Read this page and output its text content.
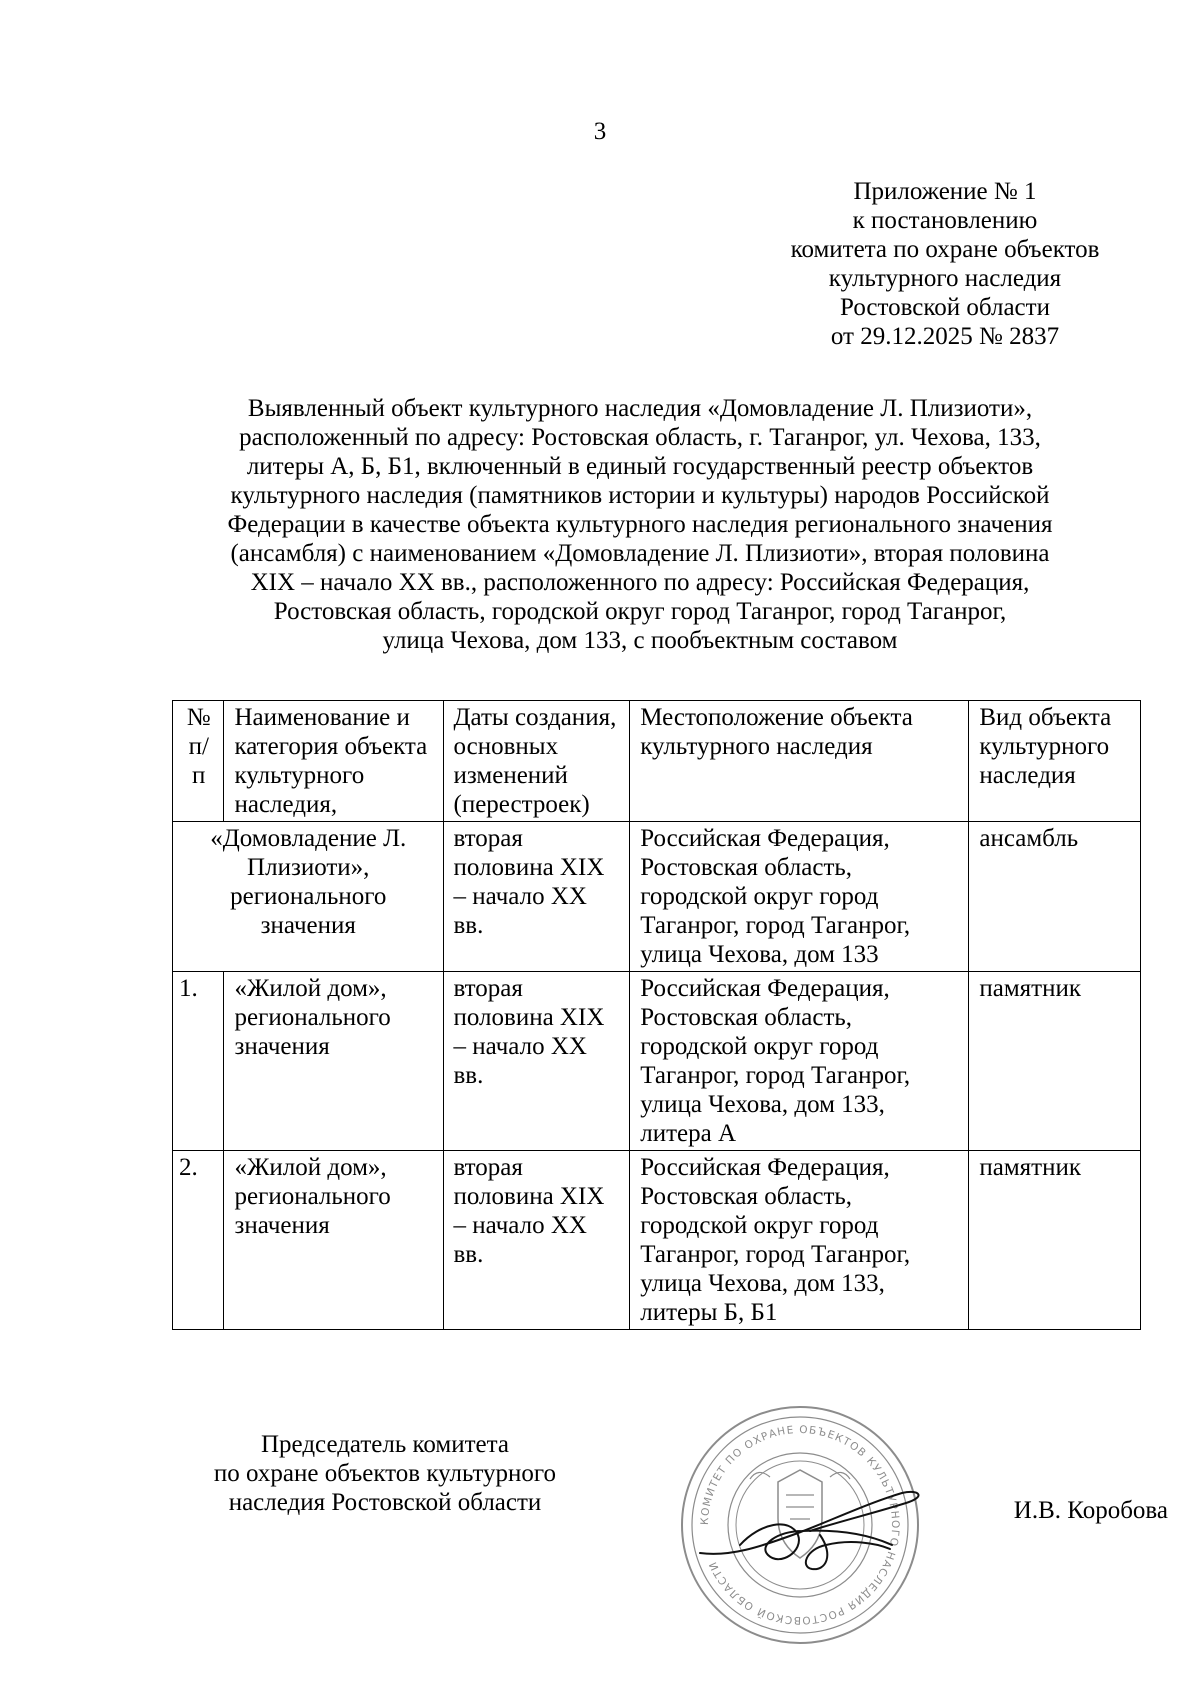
3
Приложение № 1
к постановлению
комитета по охране объектов
культурного наследия
Ростовской области
от 29.12.2025 № 2837
Выявленный объект культурного наследия «Домовладение Л. Плизиоти»,
расположенный по адресу: Ростовская область, г. Таганрог, ул. Чехова, 133,
литеры А, Б, Б1, включенный в единый государственный реестр объектов
культурного наследия (памятников истории и культуры) народов Российской
Федерации в качестве объекта культурного наследия регионального значения
(ансамбля) с наименованием «Домовладение Л. Плизиоти», вторая половина
XIX – начало XX вв., расположенного по адресу: Российская Федерация,
Ростовская область, городской округ город Таганрог, город Таганрог,
улица Чехова, дом 133, с пообъектным составом
№ п/п	Наименование и категория объекта культурного наследия,	Даты создания, основных изменений (перестроек)	Местоположение объекта культурного наследия	Вид объекта культурного наследия
«Домовладение Л. Плизиоти», регионального значения		вторая половина XIX – начало XX вв.	Российская Федерация, Ростовская область, городской округ город Таганрог, город Таганрог, улица Чехова, дом 133	ансамбль
1.	«Жилой дом», регионального значения	вторая половина XIX – начало XX вв.	Российская Федерация, Ростовская область, городской округ город Таганрог, город Таганрог, улица Чехова, дом 133, литера А	памятник
2.	«Жилой дом», регионального значения	вторая половина XIX – начало XX вв.	Российская Федерация, Ростовская область, городской округ город Таганрог, город Таганрог, улица Чехова, дом 133, литеры Б, Б1	памятник
Председатель комитета
по охране объектов культурного
наследия Ростовской области
КОМИТЕТ ПО ОХРАНЕ ОБЪЕКТОВ КУЛЬТУРНОГО НАСЛЕДИЯ РОСТОВСКОЙ ОБЛАСТИ
И.В. Коробова
